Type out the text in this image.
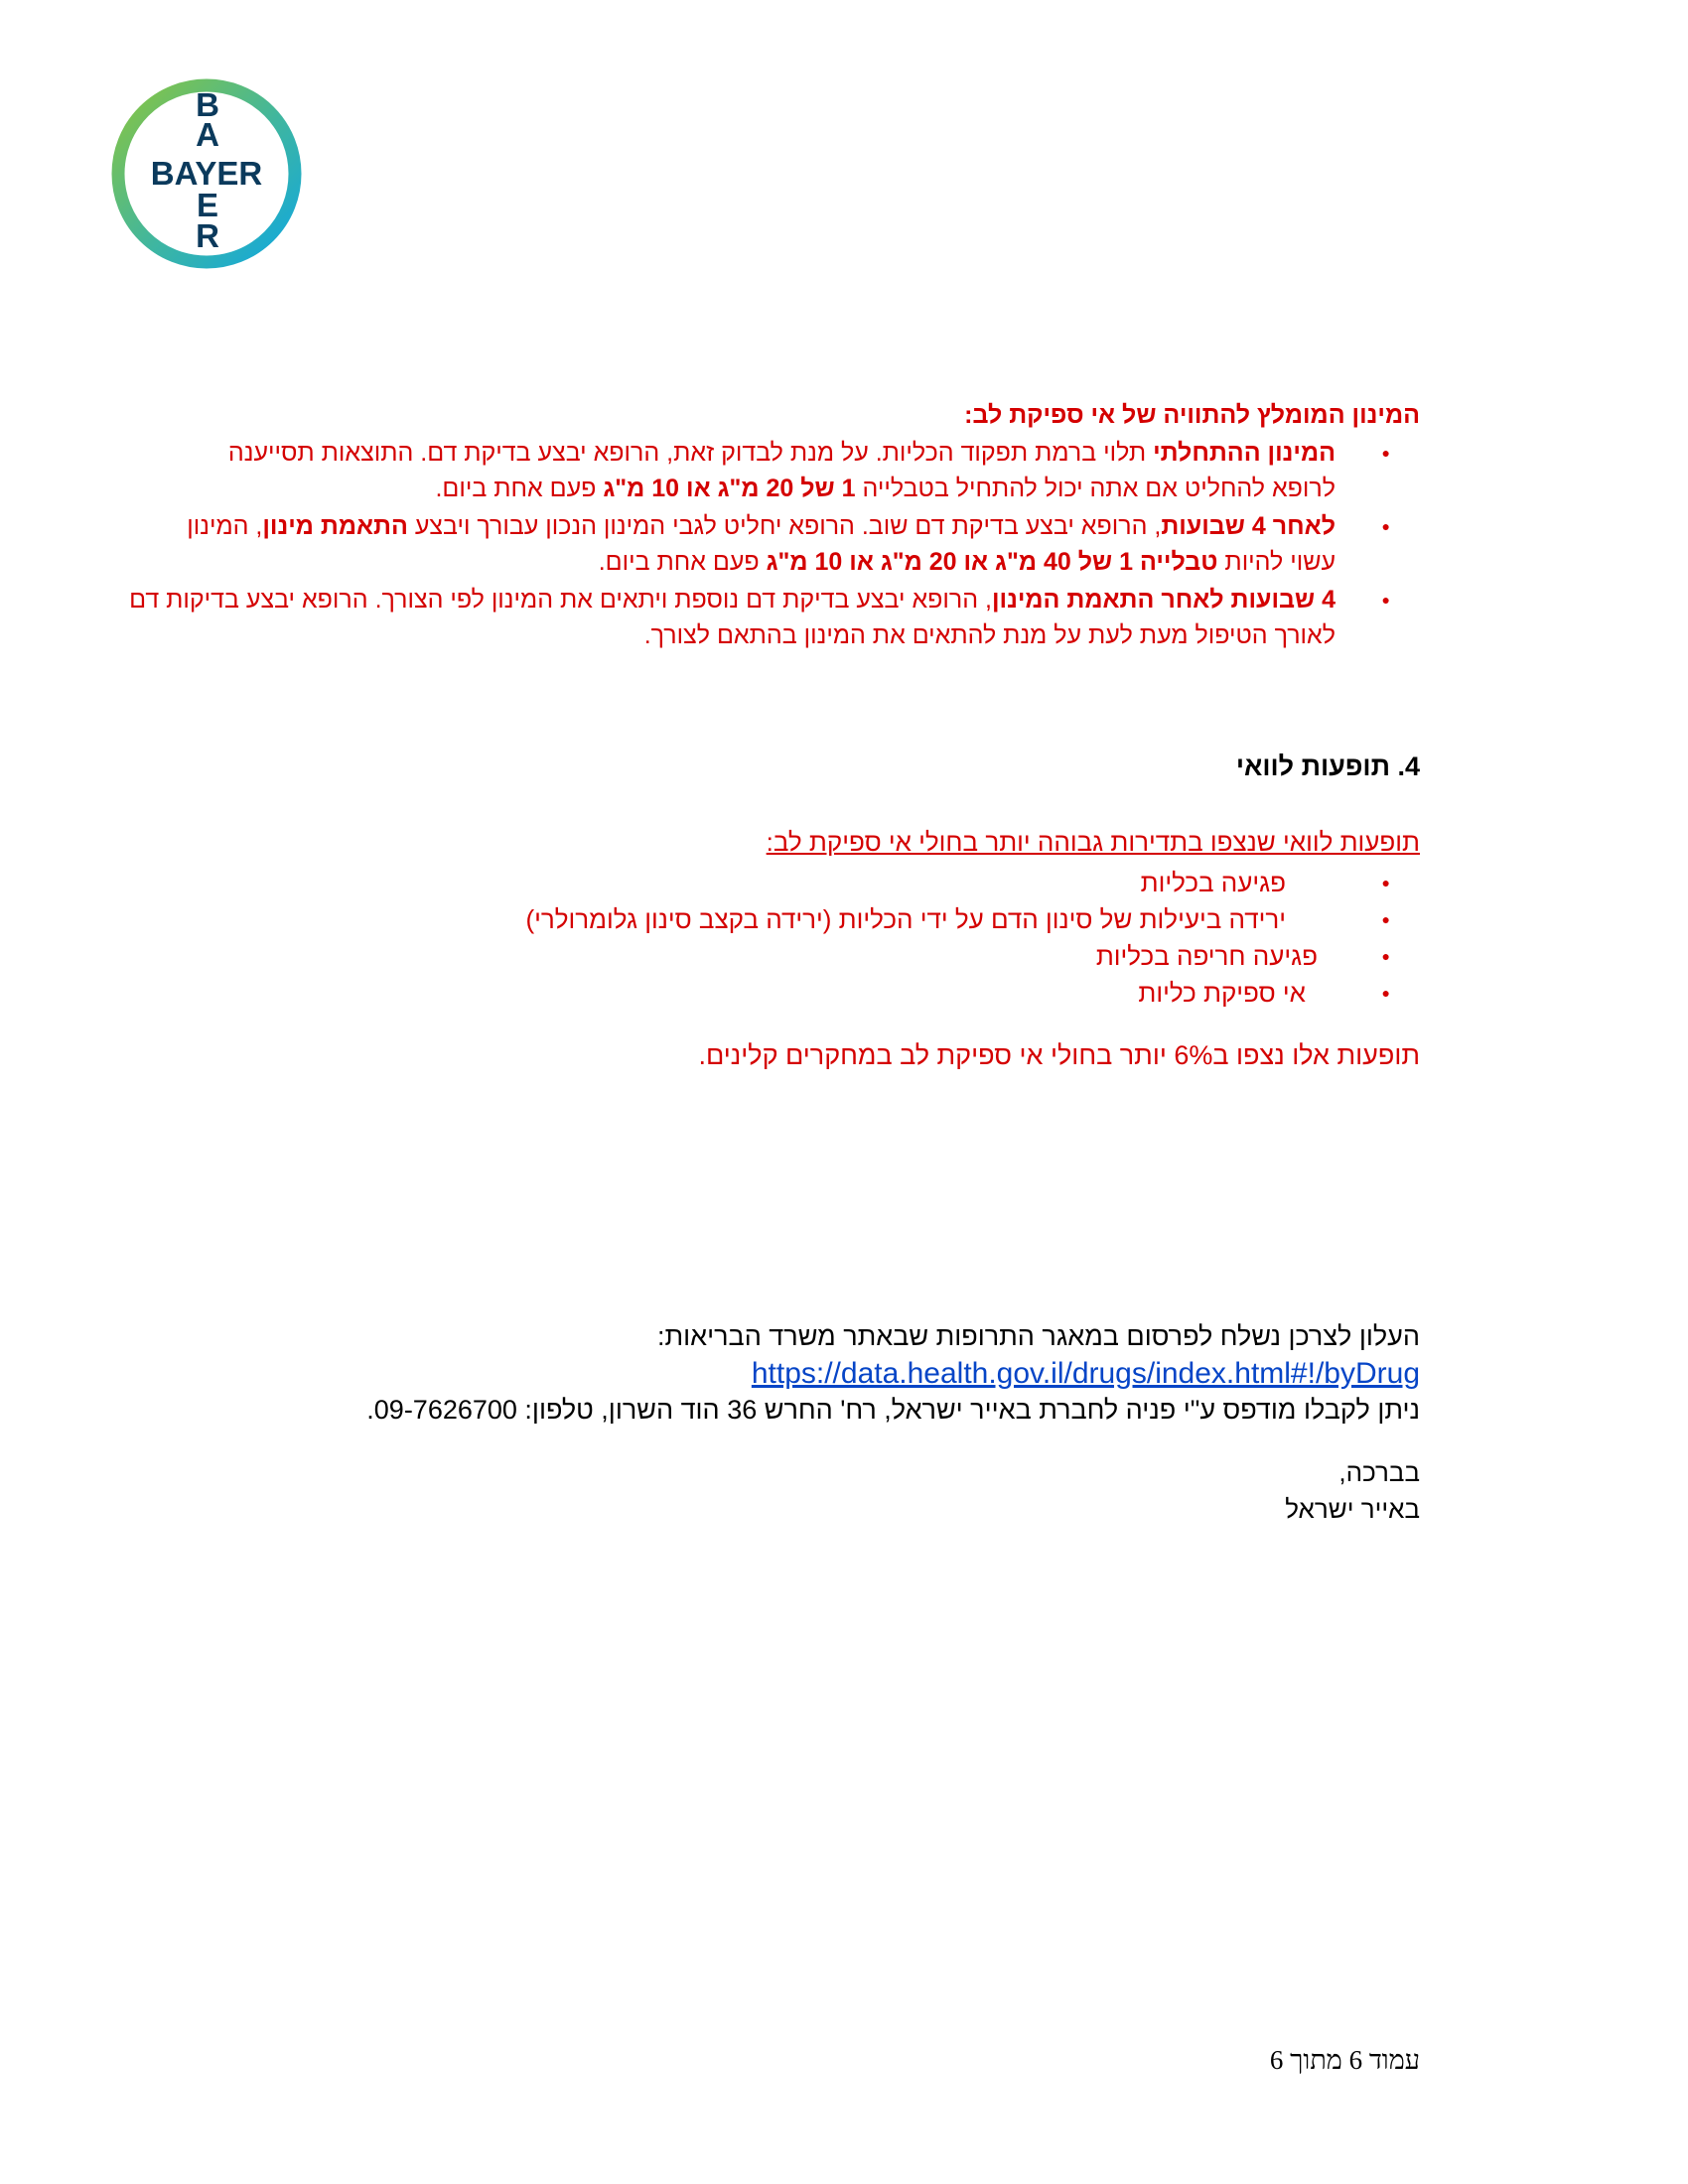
BAYER
B
A
E
R
המינון המומלץ להתוויה של אי ספיקת לב:
● המינון ההתחלתי תלוי ברמת תפקוד הכליות. על מנת לבדוק זאת, הרופא יבצע בדיקת דם. התוצאות תסייענה לרופא להחליט אם אתה יכול להתחיל בטבלייה 1 של 20 מ"ג או 10 מ"ג פעם אחת ביום.
● לאחר 4 שבועות, הרופא יבצע בדיקת דם שוב. הרופא יחליט לגבי המינון הנכון עבורך ויבצע התאמת מינון, המינון עשוי להיות טבלייה 1 של 40 מ"ג או 20 מ"ג או 10 מ"ג פעם אחת ביום.
● 4 שבועות לאחר התאמת המינון, הרופא יבצע בדיקת דם נוספת ויתאים את המינון לפי הצורך. הרופא יבצע בדיקות דם לאורך הטיפול מעת לעת על מנת להתאים את המינון בהתאם לצורך.
4. תופעות לוואי
תופעות לוואי שנצפו בתדירות גבוהה יותר בחולי אי ספיקת לב:
● פגיעה בכליות
● ירידה ביעילות של סינון הדם על ידי הכליות (ירידה בקצב סינון גלומרולרי)
● פגיעה חריפה בכליות
● אי ספיקת כליות
תופעות אלו נצפו ב6% יותר בחולי אי ספיקת לב במחקרים קלינים.
העלון לצרכן נשלח לפרסום במאגר התרופות שבאתר משרד הבריאות:
https://data.health.gov.il/drugs/index.html#!/byDrug
ניתן לקבלו מודפס ע"י פניה לחברת באייר ישראל, רח' החרש 36 הוד השרון, טלפון: 09-7626700.
בברכה,
באייר ישראל
עמוד 6 מתוך 6
